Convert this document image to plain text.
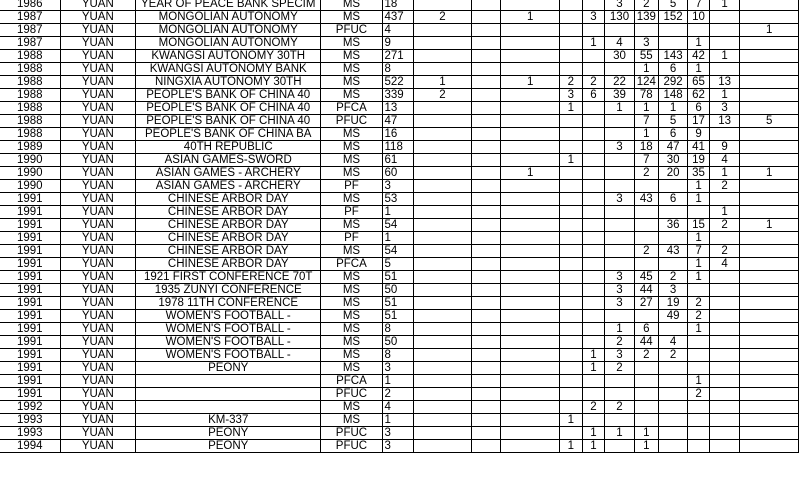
1986	YUAN	YEAR OF PEACE BANK SPECIM	MS	18						3	2	5	7	1	
1987	YUAN	MONGOLIAN AUTONOMY	MS	437	2		1		3	130	139	152	10		
1987	YUAN	MONGOLIAN AUTONOMY	PFUC	4											1
1987	YUAN	MONGOLIAN AUTONOMY	MS	9					1	4	3		1		
1988	YUAN	KWANGSI AUTONOMY 30TH	MS	271						30	55	143	42	1	
1988	YUAN	KWANGSI AUTONOMY BANK	MS	8							1	6	1		
1988	YUAN	NINGXIA AUTONOMY 30TH	MS	522	1		1	2	2	22	124	292	65	13	
1988	YUAN	PEOPLE'S BANK OF CHINA 40	MS	339	2			3	6	39	78	148	62	1	
1988	YUAN	PEOPLE'S BANK OF CHINA 40	PFCA	13				1		1	1	1	6	3	
1988	YUAN	PEOPLE'S BANK OF CHINA 40	PFUC	47							7	5	17	13	5
1988	YUAN	PEOPLE'S BANK OF CHINA BA	MS	16							1	6	9		
1989	YUAN	40TH REPUBLIC	MS	118						3	18	47	41	9	
1990	YUAN	ASIAN GAMES-SWORD	MS	61				1			7	30	19	4	
1990	YUAN	ASIAN GAMES - ARCHERY	MS	60			1				2	20	35	1	1
1990	YUAN	ASIAN GAMES - ARCHERY	PF	3									1	2	
1991	YUAN	CHINESE ARBOR DAY	MS	53						3	43	6	1		
1991	YUAN	CHINESE ARBOR DAY	PF	1										1	
1991	YUAN	CHINESE ARBOR DAY	MS	54								36	15	2	1
1991	YUAN	CHINESE ARBOR DAY	PF	1									1		
1991	YUAN	CHINESE ARBOR DAY	MS	54							2	43	7	2	
1991	YUAN	CHINESE ARBOR DAY	PFCA	5									1	4	
1991	YUAN	1921 FIRST CONFERENCE 70T	MS	51						3	45	2	1		
1991	YUAN	1935 ZUNYI CONFERENCE	MS	50						3	44	3			
1991	YUAN	1978 11TH CONFERENCE	MS	51						3	27	19	2		
1991	YUAN	WOMEN'S FOOTBALL -	MS	51								49	2		
1991	YUAN	WOMEN'S FOOTBALL -	MS	8						1	6		1		
1991	YUAN	WOMEN'S FOOTBALL -	MS	50						2	44	4			
1991	YUAN	WOMEN'S FOOTBALL -	MS	8					1	3	2	2			
1991	YUAN	PEONY	MS	3					1	2					
1991	YUAN		PFCA	1									1		
1991	YUAN		PFUC	2									2		
1992	YUAN		MS	4					2	2					
1993	YUAN	KM-337	MS	1				1							
1993	YUAN	PEONY	PFUC	3					1	1	1				
1994	YUAN	PEONY	PFUC	3				1	1		1				
